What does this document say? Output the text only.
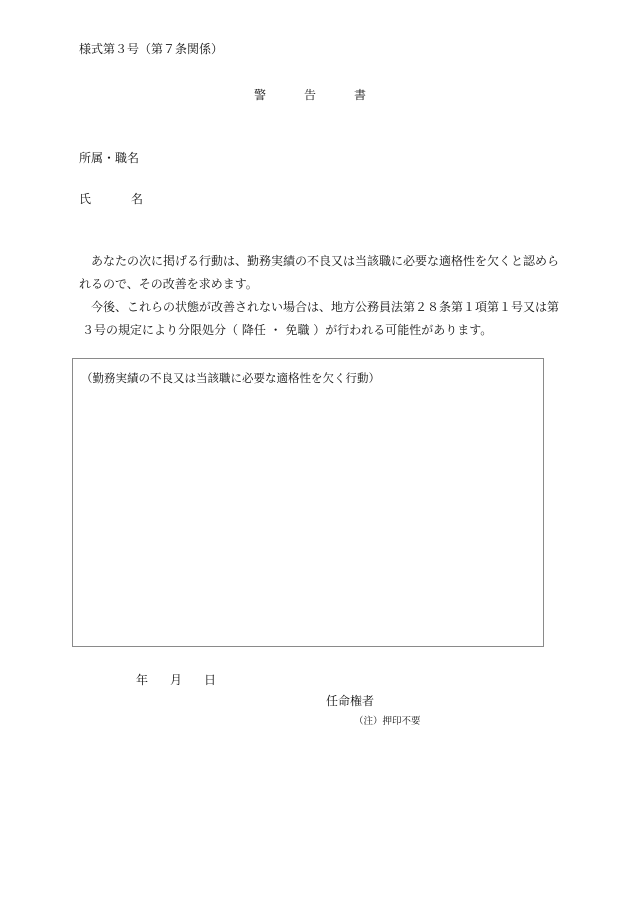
様式第３号（第７条関係）
警告書
所属・職名
氏名
あなたの次に掲げる行動は、勤務実績の不良又は当該職に必要な適格性を欠くと認めら
れるので、その改善を求めます。
今後、これらの状態が改善されない場合は、地方公務員法第２８条第１項第１号又は第
３号の規定により分限処分（ 降任 ・ 免職 ）が行われる可能性があります。
（勤務実績の不良又は当該職に必要な適格性を欠く行動）
年 月 日
任命権者
（注）押印不要
